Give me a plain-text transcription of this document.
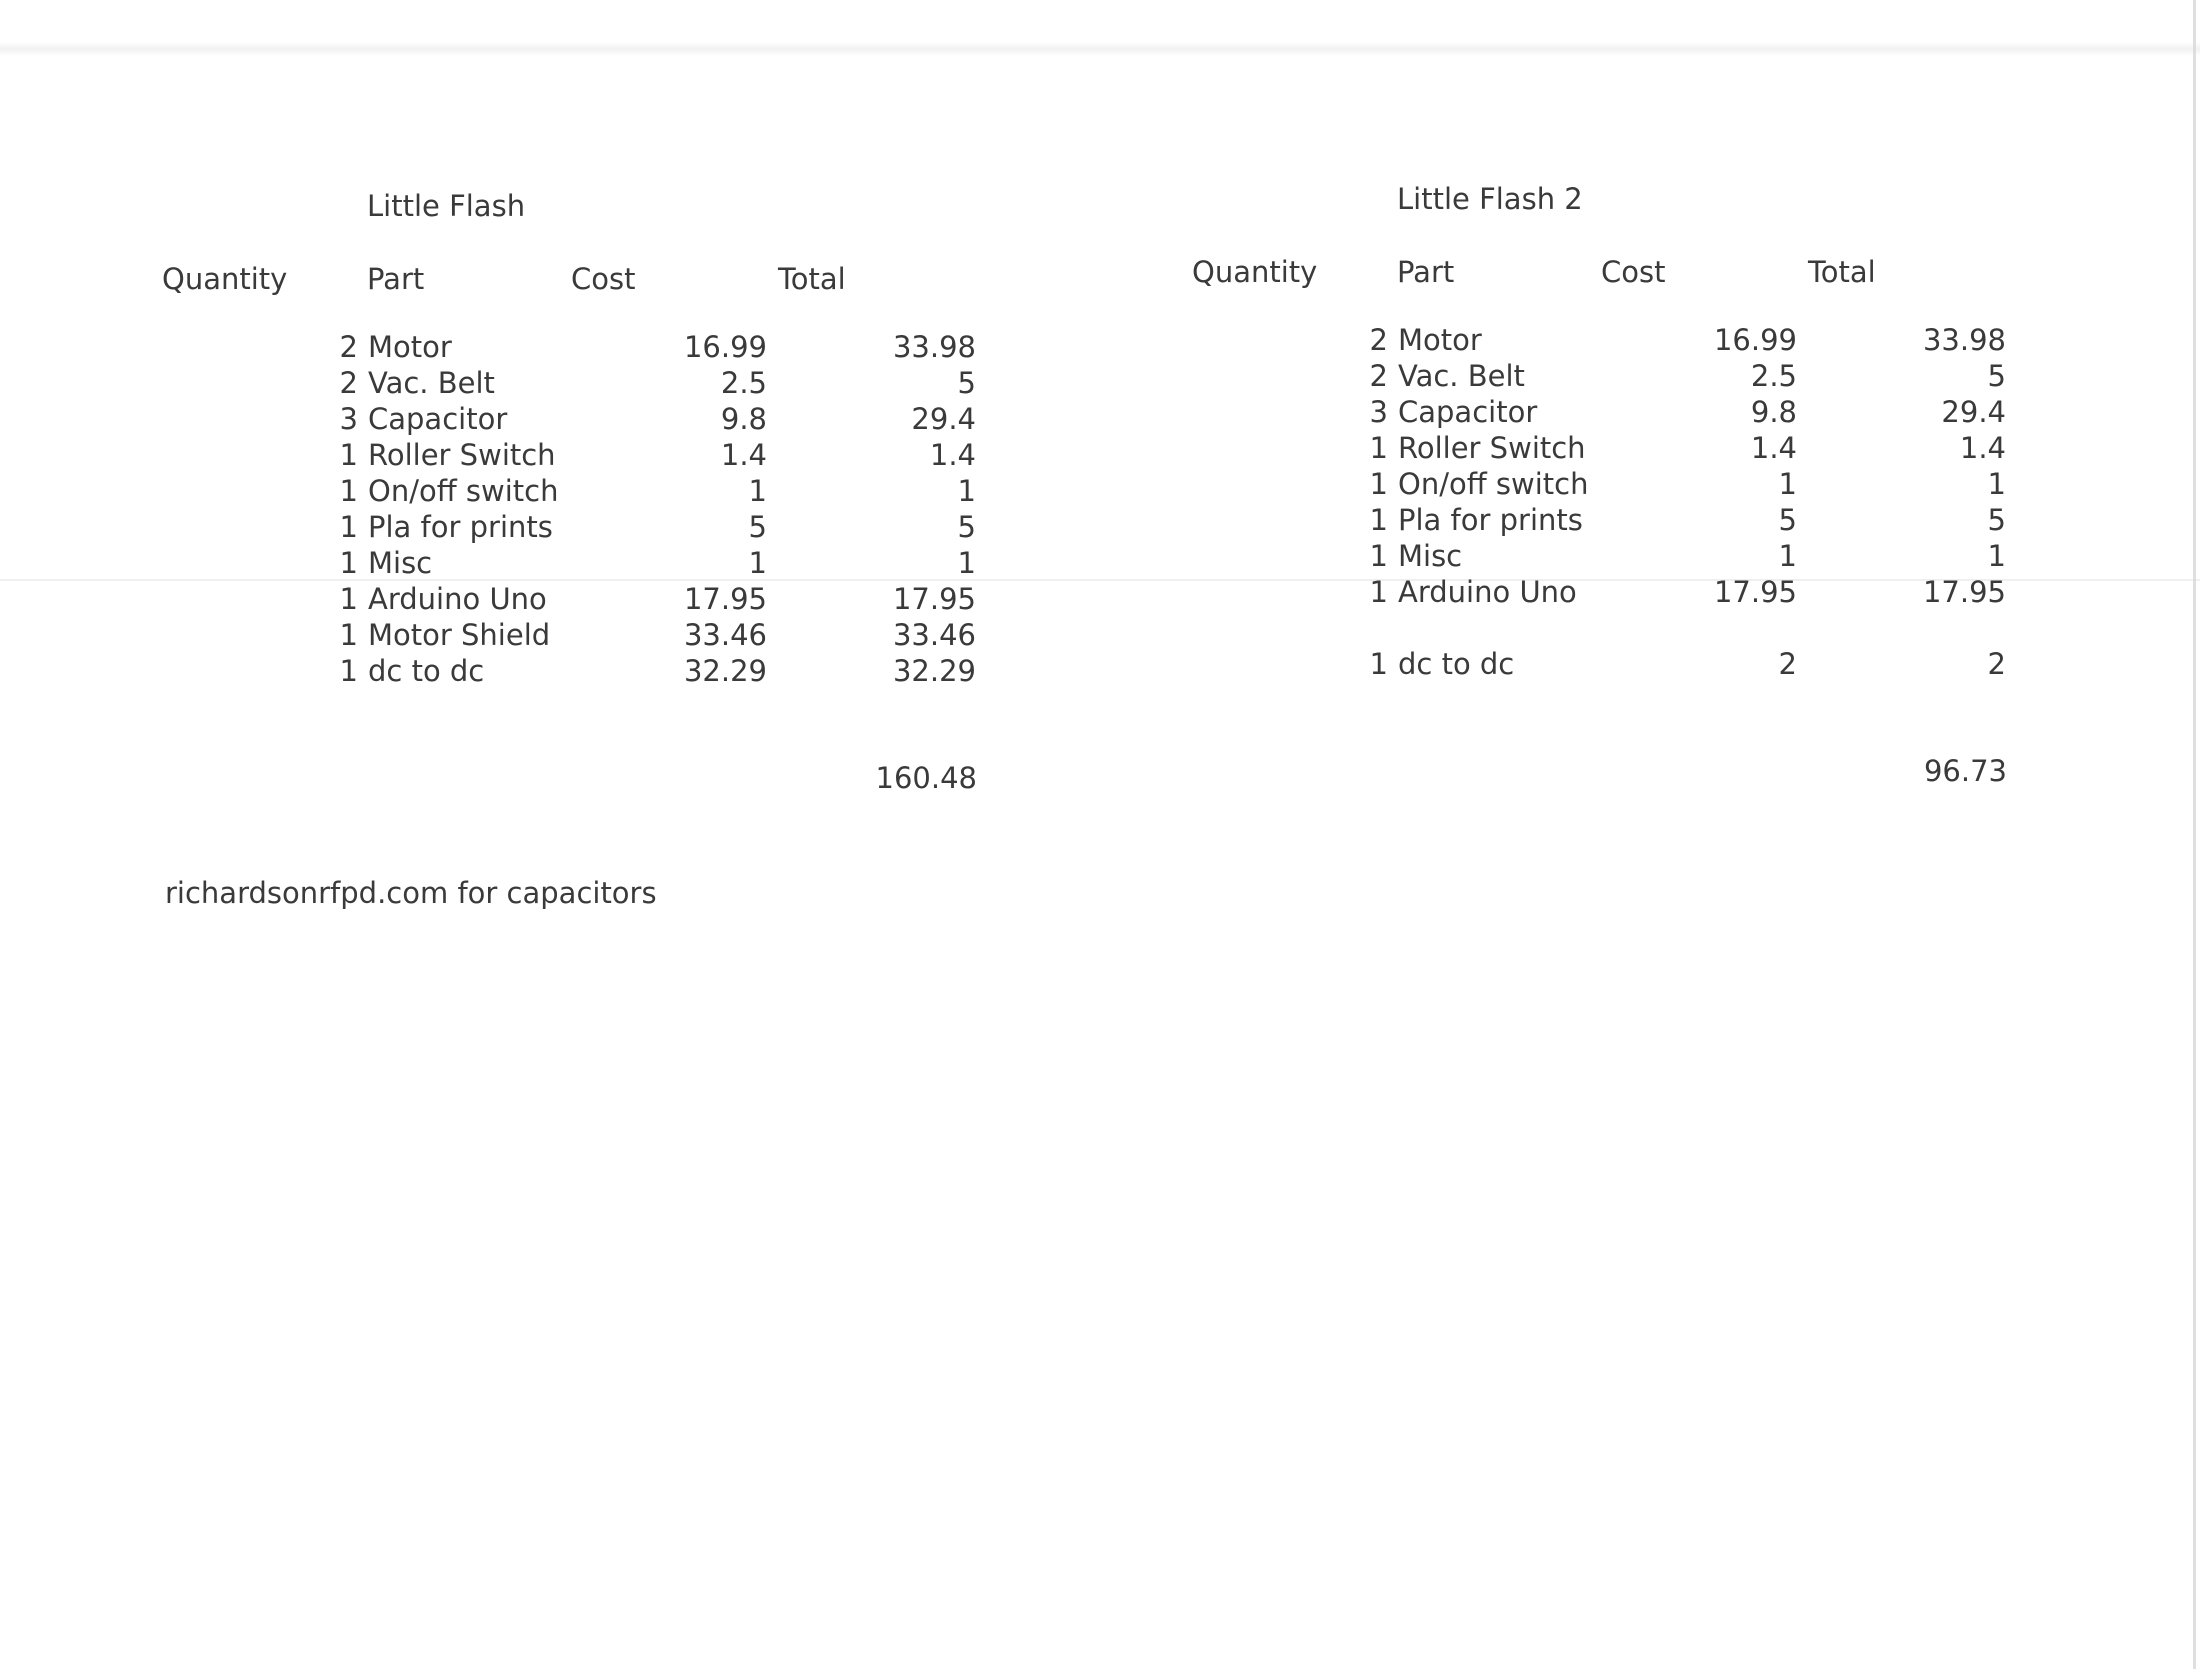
Little Flash
Quantity	Part	Cost	Total
2 Motor	16.99	33.98
2 Vac. Belt	2.5	5
3 Capacitor	9.8	29.4
1 Roller Switch	1.4	1.4
1 On/off switch	1	1
1 Pla for prints	5	5
1 Misc	1	1
1 Arduino Uno	17.95	17.95
1 Motor Shield	33.46	33.46
1 dc to dc	32.29	32.29
160.48
Little Flash 2
Quantity	Part	Cost	Total
2 Motor	16.99	33.98
2 Vac. Belt	2.5	5
3 Capacitor	9.8	29.4
1 Roller Switch	1.4	1.4
1 On/off switch	1	1
1 Pla for prints	5	5
1 Misc	1	1
1 Arduino Uno	17.95	17.95
1 dc to dc	2	2
96.73
richardsonrfpd.com for capacitors
